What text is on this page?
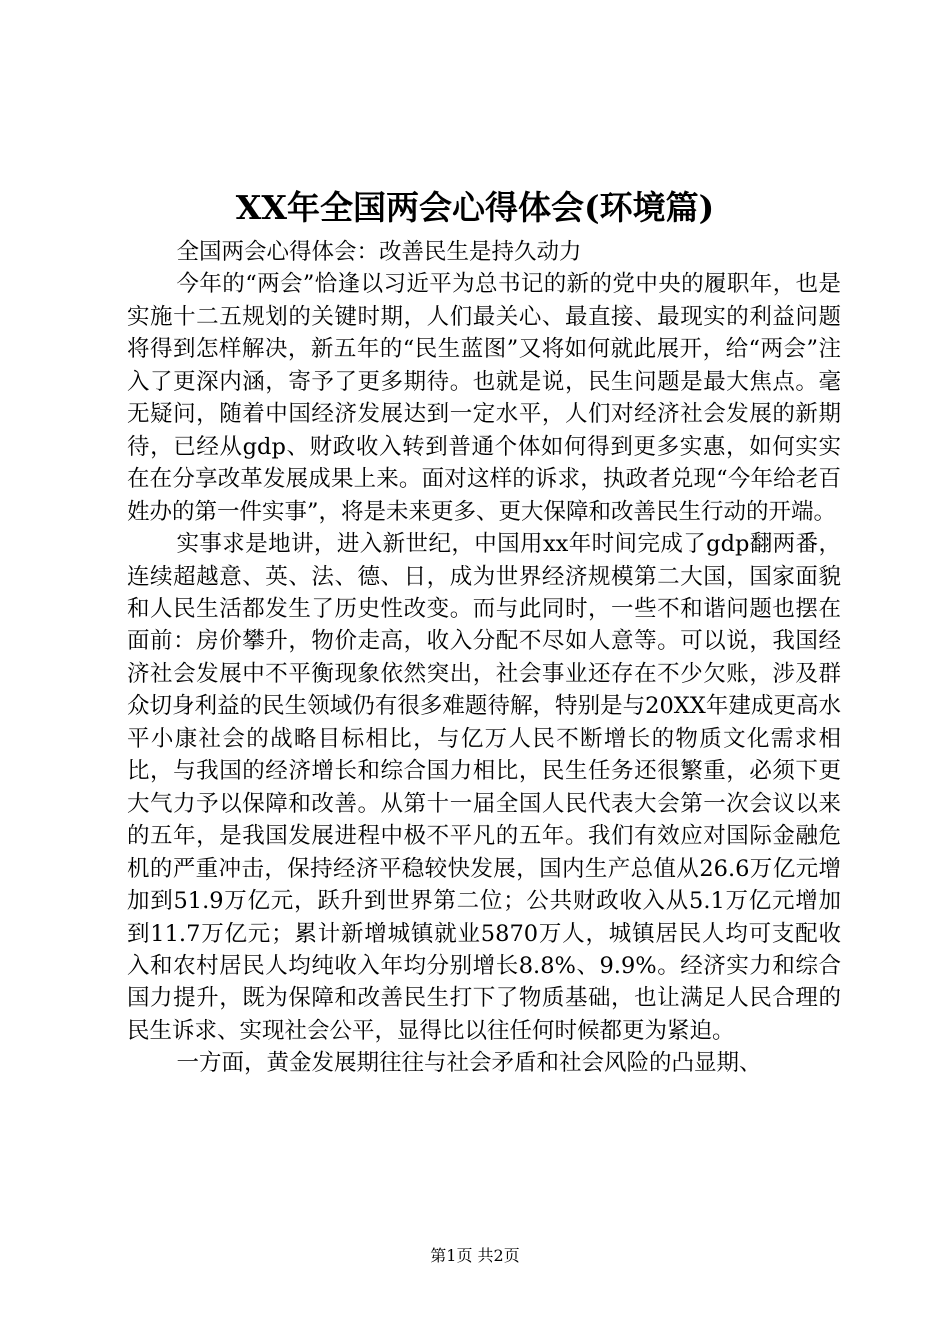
XX年全国两会心得体会(环境篇)

全国两会心得体会：改善民生是持久动力

今年的“两会”恰逢以习近平为总书记的新的党中央的履职年，也是实施十二五规划的关键时期，人们最关心、最直接、最现实的利益问题将得到怎样解决，新五年的“民生蓝图”又将如何就此展开，给“两会”注入了更深内涵，寄予了更多期待。也就是说，民生问题是最大焦点。毫无疑问，随着中国经济发展达到一定水平，人们对经济社会发展的新期待，已经从gdp、财政收入转到普通个体如何得到更多实惠，如何实实在在分享改革发展成果上来。面对这样的诉求，执政者兑现“今年给老百姓办的第一件实事”，将是未来更多、更大保障和改善民生行动的开端。

实事求是地讲，进入新世纪，中国用xx年时间完成了gdp翻两番，连续超越意、英、法、德、日，成为世界经济规模第二大国，国家面貌和人民生活都发生了历史性改变。而与此同时，一些不和谐问题也摆在面前：房价攀升，物价走高，收入分配不尽如人意等。可以说，我国经济社会发展中不平衡现象依然突出，社会事业还存在不少欠账，涉及群众切身利益的民生领域仍有很多难题待解，特别是与20XX年建成更高水平小康社会的战略目标相比，与亿万人民不断增长的物质文化需求相比，与我国的经济增长和综合国力相比，民生任务还很繁重，必须下更大气力予以保障和改善。从第十一届全国人民代表大会第一次会议以来的五年，是我国发展进程中极不平凡的五年。我们有效应对国际金融危机的严重冲击，保持经济平稳较快发展，国内生产总值从26.6万亿元增加到51.9万亿元，跃升到世界第二位；公共财政收入从5.1万亿元增加到11.7万亿元；累计新增城镇就业5870万人，城镇居民人均可支配收入和农村居民人均纯收入年均分别增长8.8%、9.9%。经济实力和综合国力提升，既为保障和改善民生打下了物质基础，也让满足人民合理的民生诉求、实现社会公平，显得比以往任何时候都更为紧迫。

一方面，黄金发展期往往与社会矛盾和社会风险的凸显期、

第1页 共2页
